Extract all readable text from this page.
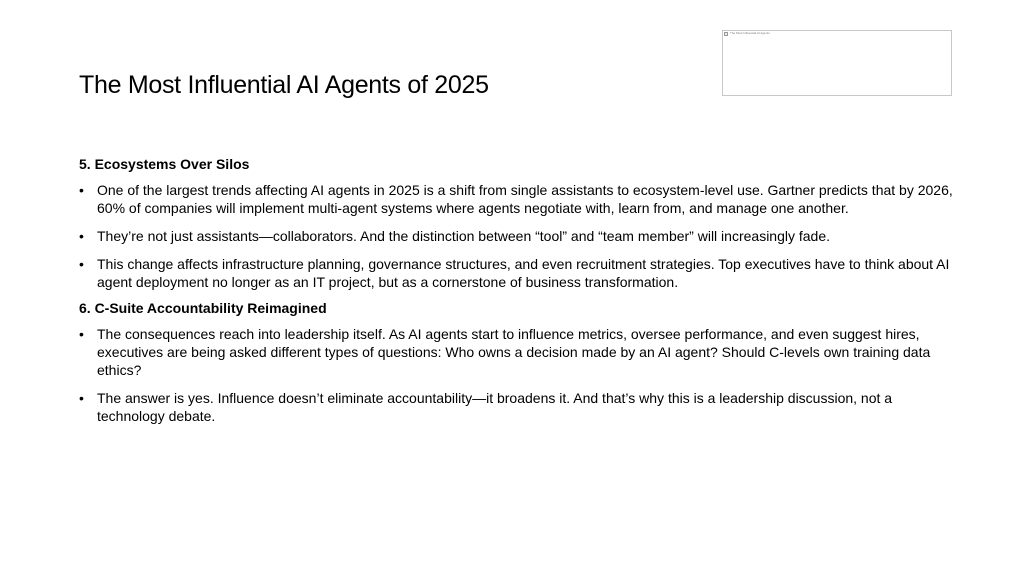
The Most Influential AI Agents
The Most Influential AI Agents of 2025

5. Ecosystems Over Silos

• One of the largest trends affecting AI agents in 2025 is a shift from single assistants to ecosystem-level use. Gartner predicts that by 2026, 60% of companies will implement multi-agent systems where agents negotiate with, learn from, and manage one another.
• They’re not just assistants—collaborators. And the distinction between “tool” and “team member” will increasingly fade.
• This change affects infrastructure planning, governance structures, and even recruitment strategies. Top executives have to think about AI agent deployment no longer as an IT project, but as a cornerstone of business transformation.

6. C-Suite Accountability Reimagined

• The consequences reach into leadership itself. As AI agents start to influence metrics, oversee performance, and even suggest hires, executives are being asked different types of questions: Who owns a decision made by an AI agent? Should C-levels own training data ethics?
• The answer is yes. Influence doesn’t eliminate accountability—it broadens it. And that’s why this is a leadership discussion, not a technology debate.
